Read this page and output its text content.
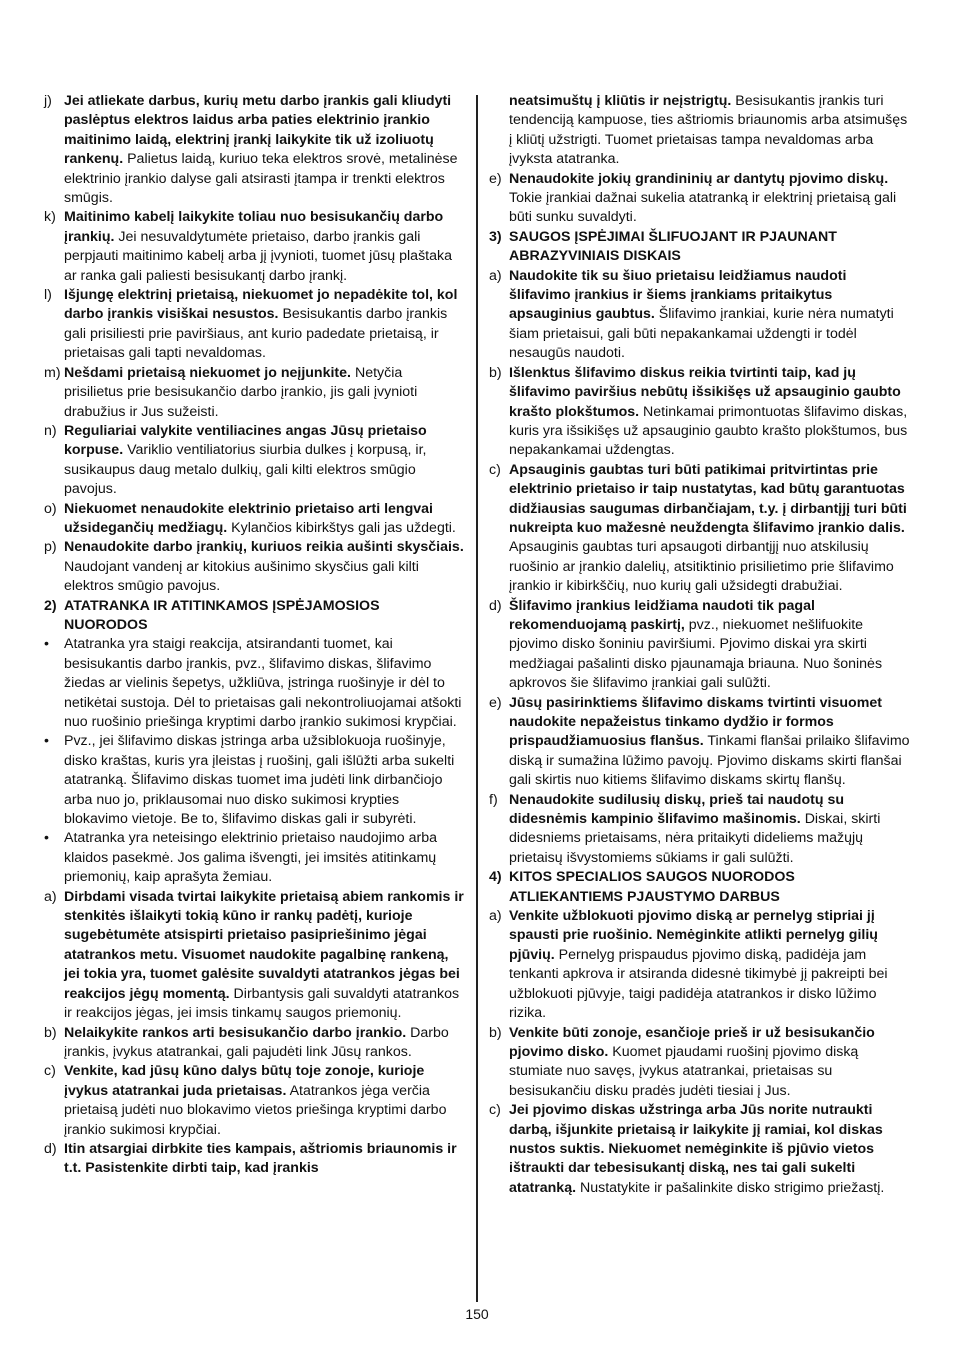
j) Jei atliekate darbus, kurių metu darbo įrankis gali kliudyti paslėptus elektros laidus arba paties elektrinio įrankio maitinimo laidą, elektrinį įrankį laikykite tik už izoliuotų rankenų. Palietus laidą, kuriuo teka elektros srovė, metalinėse elektrinio įrankio dalyse gali atsirasti įtampa ir trenkti elektros smūgis.
k) Maitinimo kabelį laikykite toliau nuo besisukančių darbo įrankių. Jei nesuvaldytumėte prietaiso, darbo įrankis gali perpjauti maitinimo kabelį arba jį įvynioti, tuomet jūsų plaštaka ar ranka gali paliesti besisukantį darbo įrankį.
l) Išjungę elektrinį prietaisą, niekuomet jo nepadėkite tol, kol darbo įrankis visiškai nesustos. Besisukantis darbo įrankis gali prisiliesti prie paviršiaus, ant kurio padedate prietaisą, ir prietaisas gali tapti nevaldomas.
m) Nešdami prietaisą niekuomet jo neįjunkite. Netyčia prisilietus prie besisukančio darbo įrankio, jis gali įvynioti drabužius ir Jus sužeisti.
n) Reguliariai valykite ventiliacines angas Jūsų prietaiso korpuse. Variklio ventiliatorius siurbia dulkes į korpusą, ir, susikaupus daug metalo dulkių, gali kilti elektros smūgio pavojus.
o) Niekuomet nenaudokite elektrinio prietaiso arti lengvai užsidegančių medžiagų. Kylančios kibirkštys gali jas uždegti.
p) Nenaudokite darbo įrankių, kuriuos reikia aušinti skysčiais. Naudojant vandenį ar kitokius aušinimo skysčius gali kilti elektros smūgio pavojus.
2) ATATRANKA IR ATITINKAMOS ĮSPĖJAMOSIOS NUORODOS
•	Atatranka yra staigi reakcija, atsirandanti tuomet, kai besisukantis darbo įrankis, pvz., šlifavimo diskas, šlifavimo žiedas ar vielinis šepetys, užkliūva, įstringa ruošinyje ir dėl to netikėtai sustoja. Dėl to prietaisas gali nekontroliuojamai atšokti nuo ruošinio priešinga kryptimi darbo įrankio sukimosi krypčiai.
•	Pvz., jei šlifavimo diskas įstringa arba užsiblokuoja ruošinyje, disko kraštas, kuris yra įleistas į ruošinį, gali išlūžti arba sukelti atatranką. Šlifavimo diskas tuomet ima judėti link dirbančiojo arba nuo jo, priklausomai nuo disko sukimosi krypties blokavimo vietoje. Be to, šlifavimo diskas gali ir subyrėti.
•	Atatranka yra neteisingo elektrinio prietaiso naudojimo arba klaidos pasekmė. Jos galima išvengti, jei imsitės atitinkamų priemonių, kaip aprašyta žemiau.
a) Dirbdami visada tvirtai laikykite prietaisą abiem rankomis ir stenkitės išlaikyti tokią kūno ir rankų padėtį, kurioje sugebėtumėte atsispirti prietaiso pasipriešinimo jėgai atatrankos metu. Visuomet naudokite pagalbinę rankeną, jei tokia yra, tuomet galėsite suvaldyti atatrankos jėgas bei reakcijos jėgų momentą. Dirbantysis gali suvaldyti atatrankos ir reakcijos jėgas, jei imsis tinkamų saugos priemonių.
b) Nelaikykite rankos arti besisukančio darbo įrankio. Darbo įrankis, įvykus atatrankai, gali pajudėti link Jūsų rankos.
c) Venkite, kad jūsų kūno dalys būtų toje zonoje, kurioje įvykus atatrankai juda prietaisas. Atatrankos jėga verčia prietaisą judėti nuo blokavimo vietos priešinga kryptimi darbo įrankio sukimosi krypčiai.
d) Itin atsargiai dirbkite ties kampais, aštriomis briaunomis ir t.t. Pasistenkite dirbti taip, kad įrankis
neatsimuštų į kliūtis ir neįstrigtų. Besisukantis įrankis turi tendenciją kampuose, ties aštriomis briaunomis arba atsimušęs į kliūtį užstrigti. Tuomet prietaisas tampa nevaldomas arba įvyksta atatranka.
e) Nenaudokite jokių grandininių ar dantytų pjovimo diskų. Tokie įrankiai dažnai sukelia atatranką ir elektrinį prietaisą gali būti sunku suvaldyti.
3) SAUGOS ĮSPĖJIMAI ŠLIFUOJANT IR PJAUNANT ABRAZYVINIAIS DISKAIS
a) Naudokite tik su šiuo prietaisu leidžiamus naudoti šlifavimo įrankius ir šiems įrankiams pritaikytus apsauginius gaubtus. Šlifavimo įrankiai, kurie nėra numatyti šiam prietaisui, gali būti nepakankamai uždengti ir todėl nesaugūs naudoti.
b) Išlenktus šlifavimo diskus reikia tvirtinti taip, kad jų šlifavimo paviršius nebūtų išsikišęs už apsauginio gaubto krašto plokštumos. Netinkamai primontuotas šlifavimo diskas, kuris yra išsikišęs už apsauginio gaubto krašto plokštumos, bus nepakankamai uždengtas.
c) Apsauginis gaubtas turi būti patikimai pritvirtintas prie elektrinio prietaiso ir taip nustatytas, kad būtų garantuotas didžiausias saugumas dirbančiajam, t.y. į dirbantįjį turi būti nukreipta kuo mažesnė neuždengta šlifavimo įrankio dalis. Apsauginis gaubtas turi apsaugoti dirbantįjį nuo atskilusių ruošinio ar įrankio dalelių, atsitiktinio prisilietimo prie šlifavimo įrankio ir kibirkščių, nuo kurių gali užsidegti drabužiai.
d) Šlifavimo įrankius leidžiama naudoti tik pagal rekomenduojamą paskirtį, pvz., niekuomet nešlifuokite pjovimo disko šoniniu paviršiumi. Pjovimo diskai yra skirti medžiagai pašalinti disko pjaunamąja briauna. Nuo šoninės apkrovos šie šlifavimo įrankiai gali sulūžti.
e) Jūsų pasirinktiems šlifavimo diskams tvirtinti visuomet naudokite nepažeistus tinkamo dydžio ir formos prispaudžiamuosius flanšus. Tinkami flanšai prilaiko šlifavimo diską ir sumažina lūžimo pavojų. Pjovimo diskams skirti flanšai gali skirtis nuo kitiems šlifavimo diskams skirtų flanšų.
f) Nenaudokite sudilusių diskų, prieš tai naudotų su didesnėmis kampinio šlifavimo mašinomis. Diskai, skirti didesniems prietaisams, nėra pritaikyti dideliems mažųjų prietaisų išvystomiems sūkiams ir gali sulūžti.
4) KITOS SPECIALIOS SAUGOS NUORODOS ATLIEKANTIEMS PJAUSTYMO DARBUS
a) Venkite užblokuoti pjovimo diską ar pernelyg stipriai jį spausti prie ruošinio. Nemėginkite atlikti pernelyg gilių pjūvių. Pernelyg prispaudus pjovimo diską, padidėja jam tenkanti apkrova ir atsiranda didesnė tikimybė jį pakreipti bei užblokuoti pjūvyje, taigi padidėja atatrankos ir disko lūžimo rizika.
b) Venkite būti zonoje, esančioje prieš ir už besisukančio pjovimo disko. Kuomet pjaudami ruošinį pjovimo diską stumiate nuo savęs, įvykus atatrankai, prietaisas su besisukančiu disku pradės judėti tiesiai į Jus.
c) Jei pjovimo diskas užstringa arba Jūs norite nutraukti darbą, išjunkite prietaisą ir laikykite jį ramiai, kol diskas nustos suktis. Niekuomet nemėginkite iš pjūvio vietos ištraukti dar tebesisukantį diską, nes tai gali sukelti atatranką. Nustatykite ir pašalinkite disko strigimo priežastį.
150
